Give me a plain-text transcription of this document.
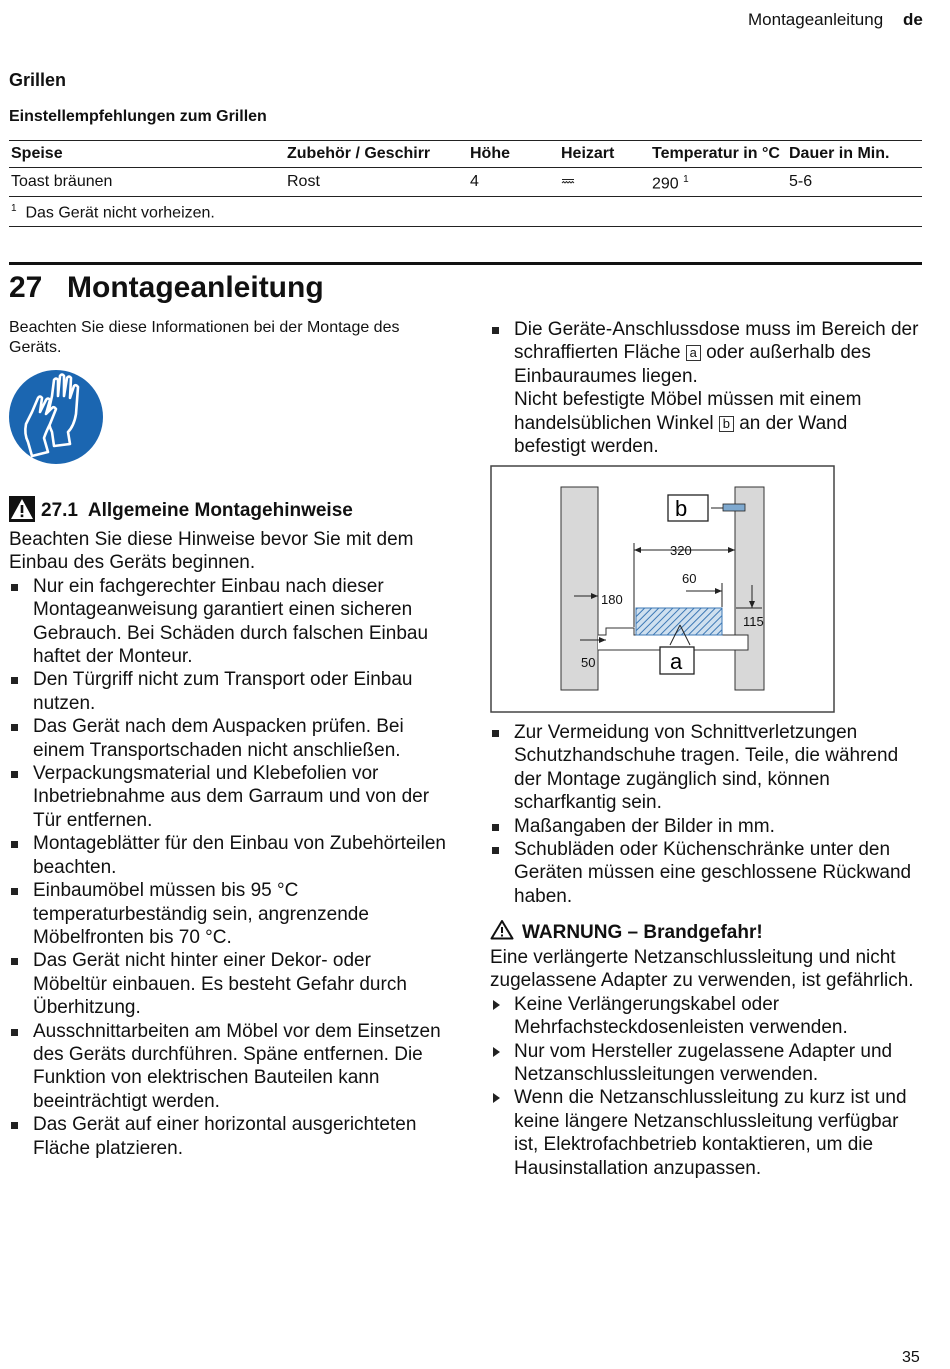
Montageanleitung de
Grillen
Einstellempfehlungen zum Grillen
Speise	Zubehör / Geschirr	Höhe	Heizart	Temperatur in °C	Dauer in Min.
Toast bräunen	Rost	4		290 $^1$	5-6
$^1$ Das Gerät nicht vorheizen.					
27 Montageanleitung
Beachten Sie diese Informationen bei der Montage des Geräts.
27.1 Allgemeine Montagehinweise

Beachten Sie diese Hinweise bevor Sie mit dem Einbau des Geräts beginnen.

Nur ein fachgerechter Einbau nach dieser Montageanweisung garantiert einen sicheren Gebrauch. Bei Schäden durch falschen Einbau haftet der Monteur.
Den Türgriff nicht zum Transport oder Einbau nutzen.
Das Gerät nach dem Auspacken prüfen. Bei einem Transportschaden nicht anschließen.
Verpackungsmaterial und Klebefolien vor Inbetriebnahme aus dem Garraum und von der Tür entfernen.
Montageblätter für den Einbau von Zubehörteilen beachten.
Einbaumöbel müssen bis 95 °C temperaturbeständig sein, angrenzende Möbelfronten bis 70 °C.
Das Gerät nicht hinter einer Dekor- oder Möbeltür einbauen. Es besteht Gefahr durch Überhitzung.
Ausschnittarbeiten am Möbel vor dem Einsetzen des Geräts durchführen. Späne entfernen. Die Funktion von elektrischen Bauteilen kann beeinträchtigt werden.
Das Gerät auf einer horizontal ausgerichteten Fläche platzieren.
Die Geräte-Anschlussdose muss im Bereich der schraffierten Fläche a oder außerhalb des Einbauraumes liegen.
Nicht befestigte Möbel müssen mit einem handelsüblichen Winkel b an der Wand befestigt werden.
b
a
320
60
180
115
50
Zur Vermeidung von Schnittverletzungen Schutzhandschuhe tragen. Teile, die während der Montage zugänglich sind, können scharfkantig sein.
Maßangaben der Bilder in mm.
Schubläden oder Küchenschränke unter den Geräten müssen eine geschlossene Rückwand haben.
WARNUNG – Brandgefahr!

Eine verlängerte Netzanschlussleitung und nicht zugelassene Adapter zu verwenden, ist gefährlich.

Keine Verlängerungskabel oder Mehrfachsteckdosenleisten verwenden.
Nur vom Hersteller zugelassene Adapter und Netzanschlussleitungen verwenden.
Wenn die Netzanschlussleitung zu kurz ist und keine längere Netzanschlussleitung verfügbar ist, Elektrofachbetrieb kontaktieren, um die Hausinstallation anzupassen.
35
